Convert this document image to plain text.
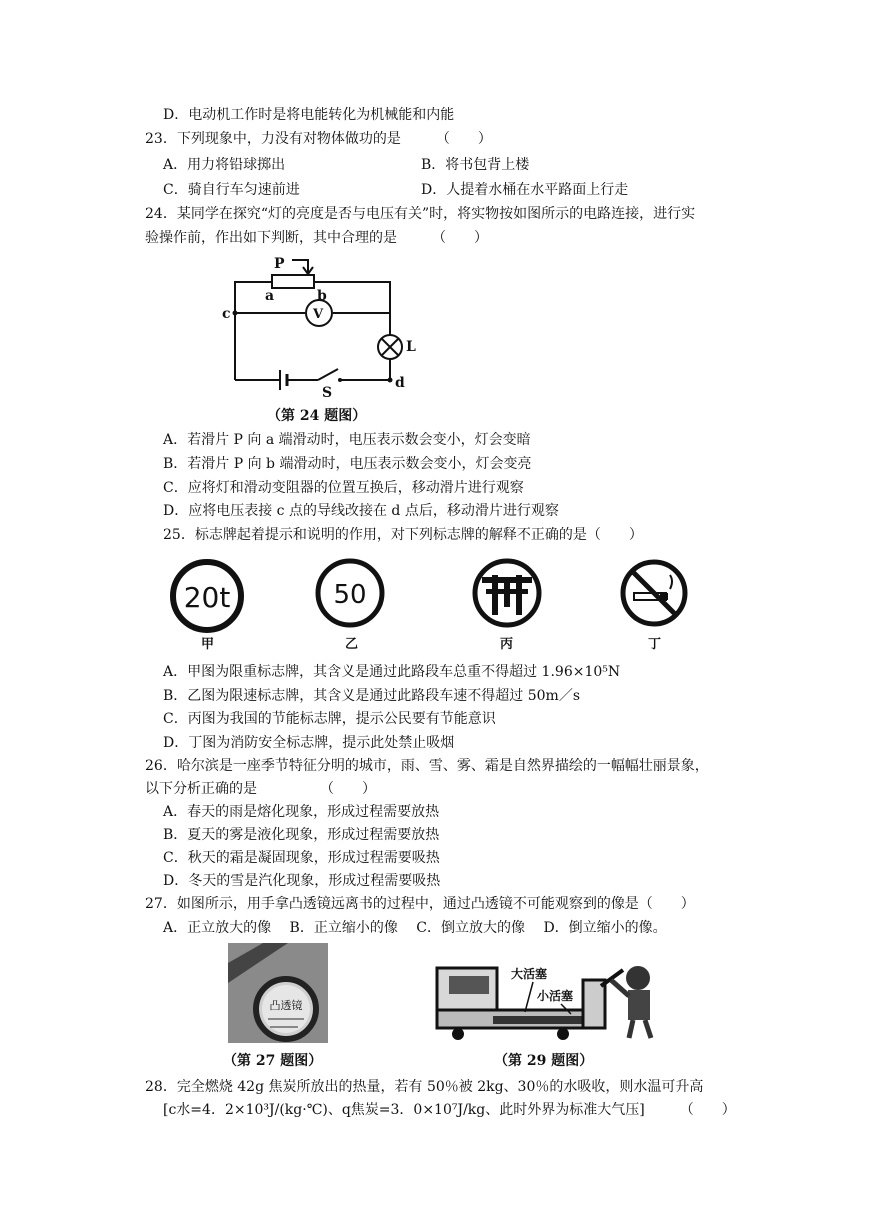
D．电动机工作时是将电能转化为机械能和内能
23．下列现象中，力没有对物体做功的是　　　（　　）
A．用力将铅球掷出	B．将书包背上楼
C．骑自行车匀速前进	D．人提着水桶在水平路面上行走
24．某同学在探究“灯的亮度是否与电压有关”时，将实物按如图所示的电路连接，进行实
验操作前，作出如下判断，其中合理的是　　　（　　）
P
a	b
c
d
V
L
S
（第 24 题图）
A．若滑片 P 向 a 端滑动时，电压表示数会变小，灯会变暗
B．若滑片 P 向 b 端滑动时，电压表示数会变小，灯会变亮
C．应将灯和滑动变阻器的位置互换后，移动滑片进行观察
D．应将电压表接 c 点的导线改接在 d 点后，移动滑片进行观察
25．标志牌起着提示和说明的作用，对下列标志牌的解释不正确的是（　　）
20t	50
甲	乙	丙	丁
A．甲图为限重标志牌，其含义是通过此路段车总重不得超过 1.96×10⁵N
B．乙图为限速标志牌，其含义是通过此路段车速不得超过 50m／s
C．丙图为我国的节能标志牌，提示公民要有节能意识
D．丁图为消防安全标志牌，提示此处禁止吸烟
26．哈尔滨是一座季节特征分明的城市，雨、雪、雾、霜是自然界描绘的一幅幅壮丽景象，
以下分析正确的是　　　　　（　　）
A．春天的雨是熔化现象，形成过程需要放热
B．夏天的雾是液化现象，形成过程需要放热
C．秋天的霜是凝固现象，形成过程需要吸热
D．冬天的雪是汽化现象，形成过程需要吸热
27．如图所示，用手拿凸透镜远离书的过程中，通过凸透镜不可能观察到的像是（　　）
A．正立放大的像　 B．正立缩小的像　 C．倒立放大的像　 D．倒立缩小的像。
凸透镜
（第 27 题图）
大活塞
小活塞
（第 29 题图）
28．完全燃烧 42g 焦炭所放出的热量，若有 50％被 2kg、30％的水吸收，则水温可升高
[c水=4．2×10³J/(kg·℃)、q焦炭=3．0×10⁷J/kg、此时外界为标准大气压]　　　（　　）
